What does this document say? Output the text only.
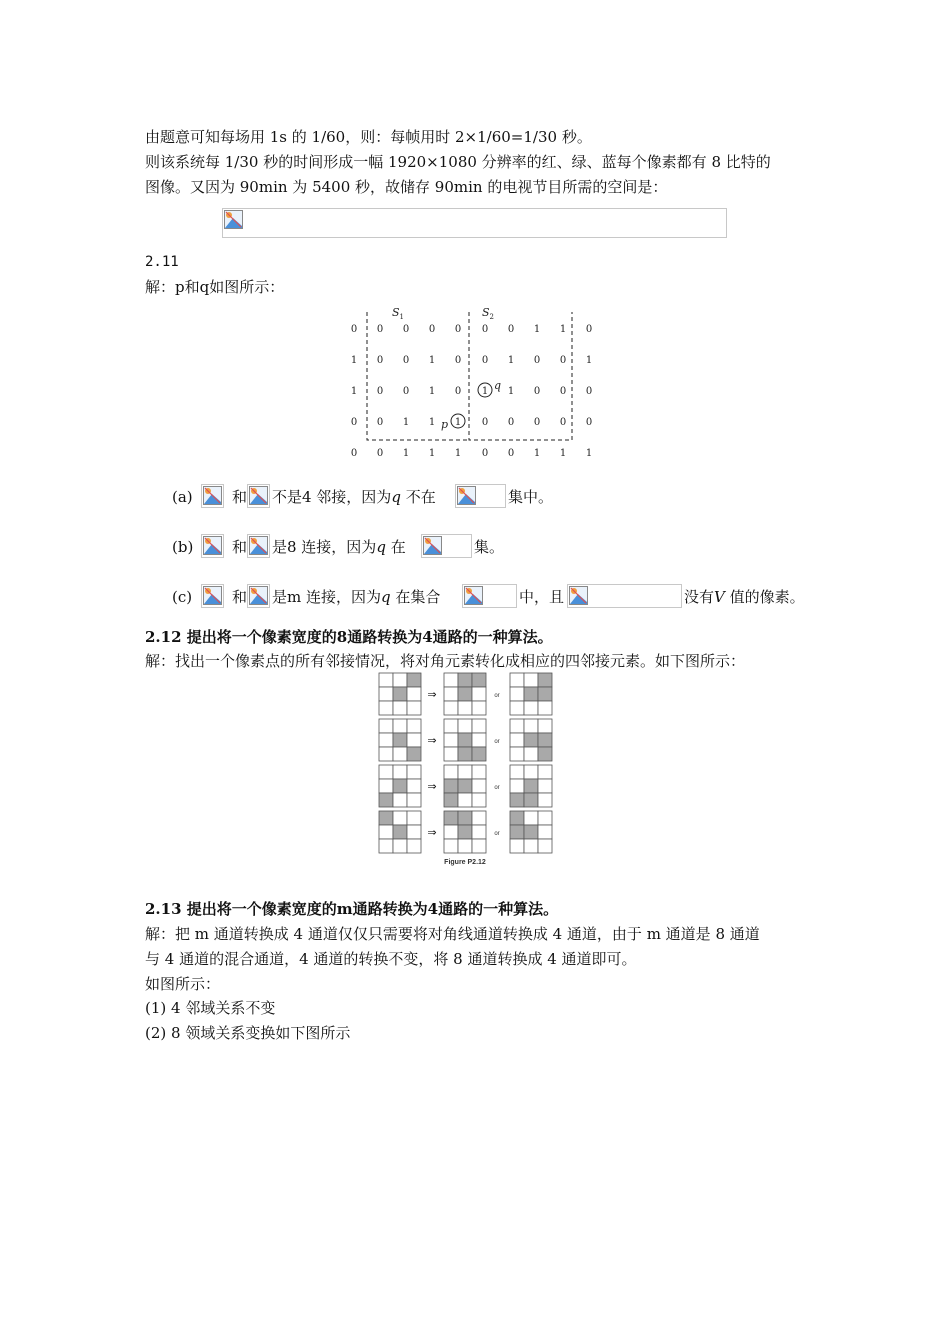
由题意可知每场用 1s 的 1/60，则：每帧用时 2×1/60=1/30 秒。
则该系统每 1/30 秒的时间形成一幅 1920×1080 分辨率的红、绿、蓝每个像素都有 8 比特的
图像。又因为 90min 为 5400 秒，故储存 90min 的电视节目所需的空间是：
2.11
解：p和q如图所示：
$S_1$	$S_2$
0 0 0 0 0 0 0 1 1 0
1 0 0 1 0 0 1 0 0 1
1 0 0 1 0 1 1 0 0 0
0 0 1 1 1 0 0 0 0 0
0 0 1 1 1 0 0 1 1 1
q
p
(a)	和 不是4 邻接，因为q 不在	集中。
(b)	和 是8 连接，因为q 在	集。
(c)	和 是m 连接，因为q 在集合	中，且	没有V 值的像素。
2.12 提出将一个像素宽度的8通路转换为4通路的一种算法。
解：找出一个像素点的所有邻接情况，将对角元素转化成相应的四邻接元素。如下图所示：
⇒	or
⇒	or
⇒	or
⇒	or
Figure P2.12
2.13 提出将一个像素宽度的m通路转换为4通路的一种算法。
解：把 m 通道转换成 4 通道仅仅只需要将对角线通道转换成 4 通道，由于 m 通道是 8 通道
与 4 通道的混合通道，4 通道的转换不变，将 8 通道转换成 4 通道即可。
如图所示：
(1) 4 邻域关系不变
(2) 8 领域关系变换如下图所示
